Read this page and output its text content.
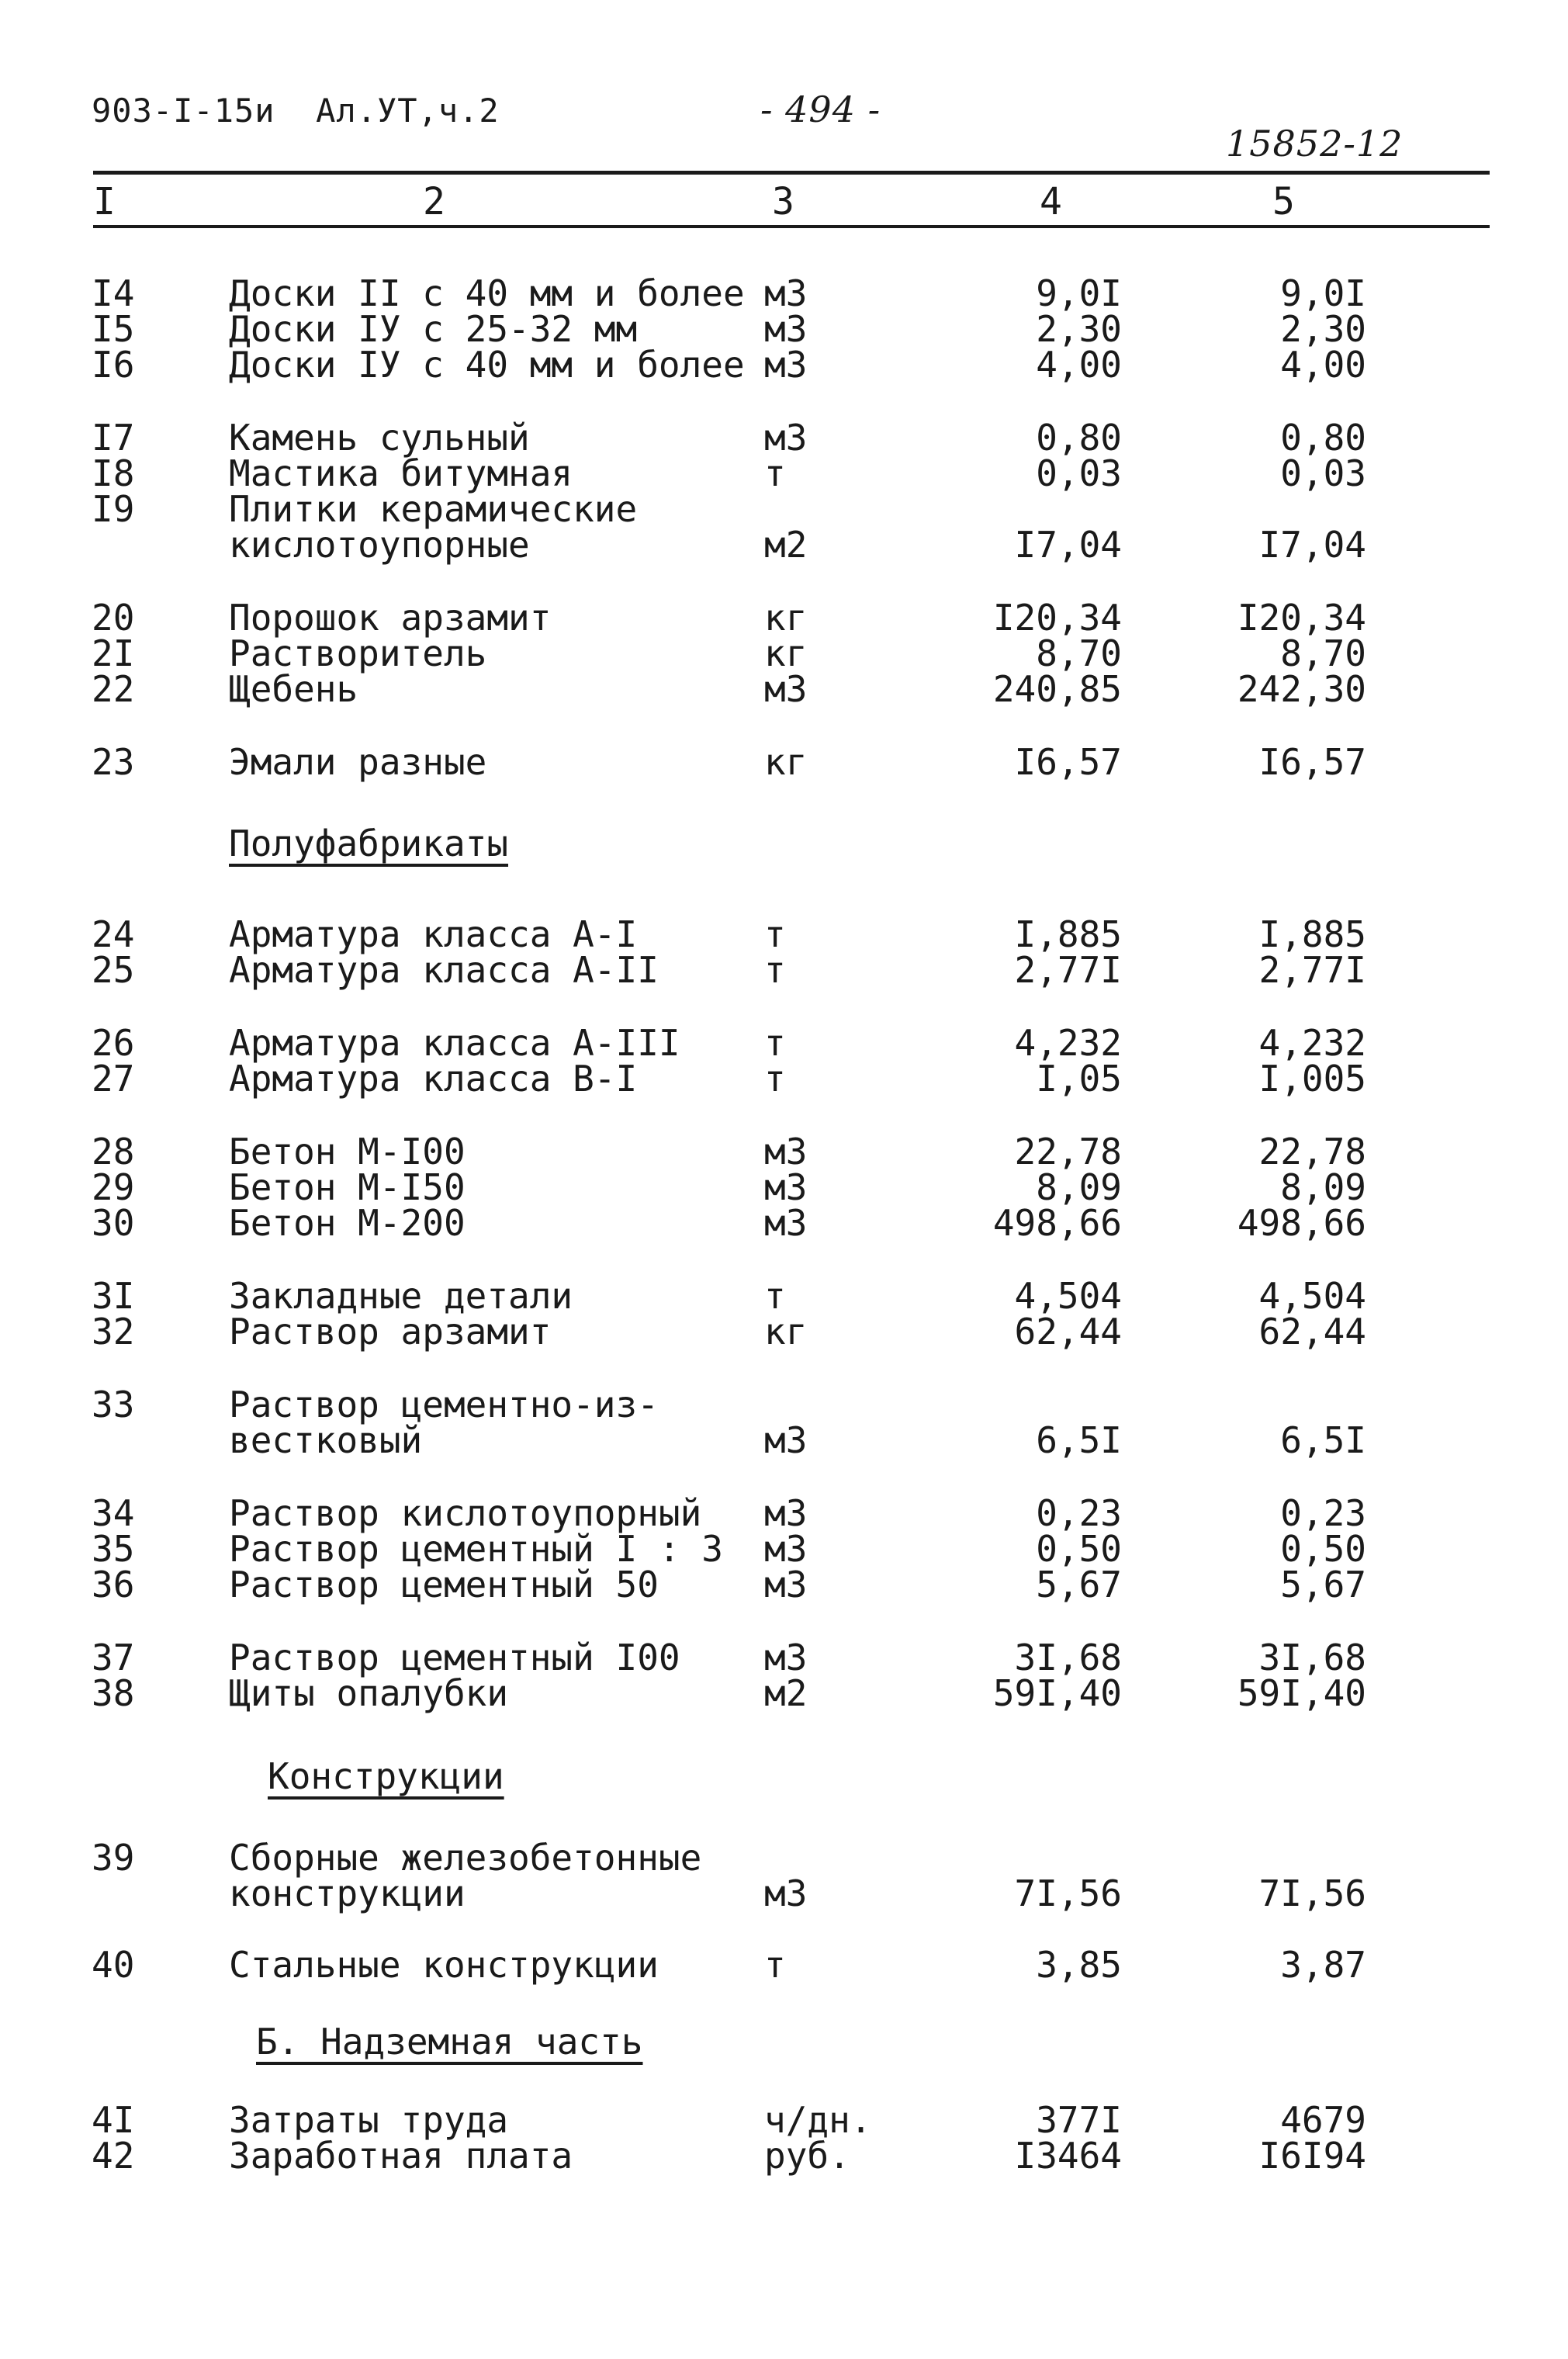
903-I-15и  Ал.УТ,ч.2	- 494 -
15852-12
I	2	3	4	5
I4	Доски ІI с 40 мм и более м3	9,0I	9,0I
I5	Доски IУ с 25-32 мм	м3	2,30	2,30
I6	Доски IУ с 40 мм и более м3	4,00	4,00
I7	Камень сульный	м3	0,80	0,80
I8	Мастика битумная	т	0,03	0,03
I9	Плитки керамические
кислотоупорные	м2	I7,04	I7,04
20	Порошок арзамит	кг	I20,34	I20,34
2I	Растворитель	кг	8,70	8,70
22	Щебень	м3	240,85	242,30
23	Эмали разные	кг	I6,57	I6,57
Полуфабрикаты
24	Арматура класса А-I	т	I,885	I,885
25	Арматура класса А-II	т	2,77I	2,77I
26	Арматура класса А-III т	4,232	4,232
27	Арматура класса В-I	т	I,05	I,005
28	Бетон М-I00	м3	22,78	22,78
29	Бетон М-I50	м3	8,09	8,09
30	Бетон М-200	м3	498,66	498,66
3I	Закладные детали	т	4,504	4,504
32	Раствор арзамит	кг	62,44	62,44
33	Раствор цементно-из-
вестковый	м3	6,5I	6,5I
34	Раствор кислотоупорный м3	0,23	0,23
35	Раствор цементный I : 3 м3	0,50	0,50
36	Раствор цементный 50	м3	5,67	5,67
37	Раствор цементный I00 м3	3I,68	3I,68
38	Щиты опалубки	м2	59I,40	59I,40
Конструкции
39	Сборные железобетонные
конструкции	м3	7I,56	7I,56
40	Стальные конструкции	т	3,85	3,87
Б. Надземная часть
4I	Затраты труда	ч/дн.	377I	4679
42	Заработная плата	руб.	I3464	I6I94
